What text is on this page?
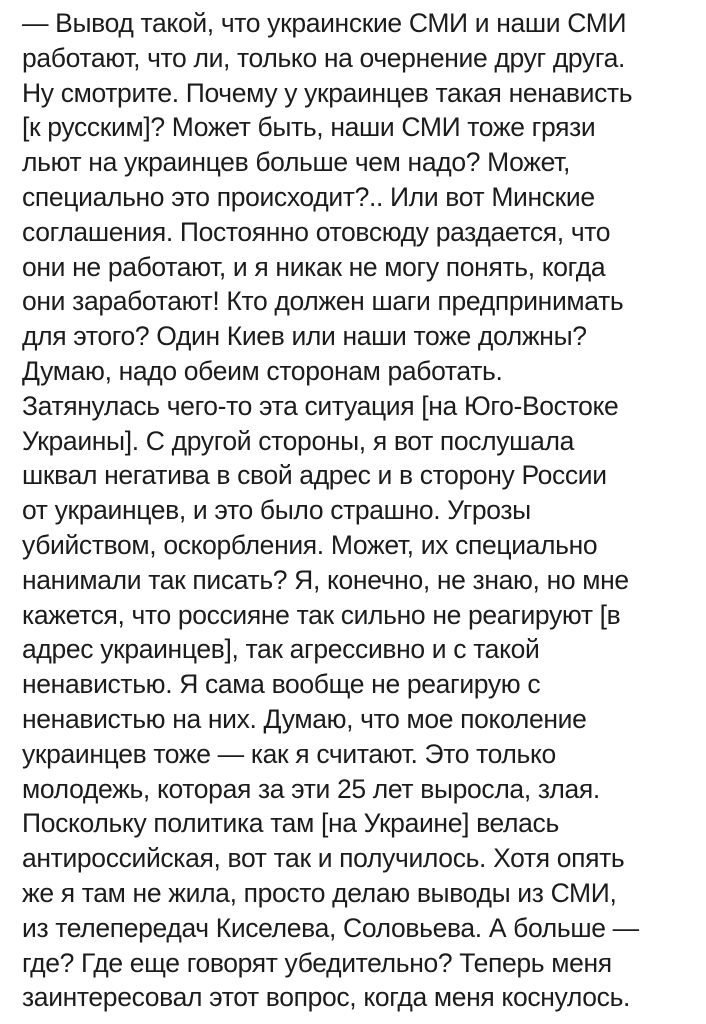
— Вывод такой, что украинские СМИ и наши СМИ
работают, что ли, только на очернение друг друга.
Ну смотрите. Почему у украинцев такая ненависть
[к русским]? Может быть, наши СМИ тоже грязи
льют на украинцев больше чем надо? Может,
специально это происходит?.. Или вот Минские
соглашения. Постоянно отовсюду раздается, что
они не работают, и я никак не могу понять, когда
они заработают! Кто должен шаги предпринимать
для этого? Один Киев или наши тоже должны?
Думаю, надо обеим сторонам работать.
Затянулась чего-то эта ситуация [на Юго-Востоке
Украины]. С другой стороны, я вот послушала
шквал негатива в свой адрес и в сторону России
от украинцев, и это было страшно. Угрозы
убийством, оскорбления. Может, их специально
нанимали так писать? Я, конечно, не знаю, но мне
кажется, что россияне так сильно не реагируют [в
адрес украинцев], так агрессивно и с такой
ненавистью. Я сама вообще не реагирую с
ненавистью на них. Думаю, что мое поколение
украинцев тоже — как я считают. Это только
молодежь, которая за эти 25 лет выросла, злая.
Поскольку политика там [на Украине] велась
антироссийская, вот так и получилось. Хотя опять
же я там не жила, просто делаю выводы из СМИ,
из телепередач Киселева, Соловьева. А больше —
где? Где еще говорят убедительно? Теперь меня
заинтересовал этот вопрос, когда меня коснулось.
